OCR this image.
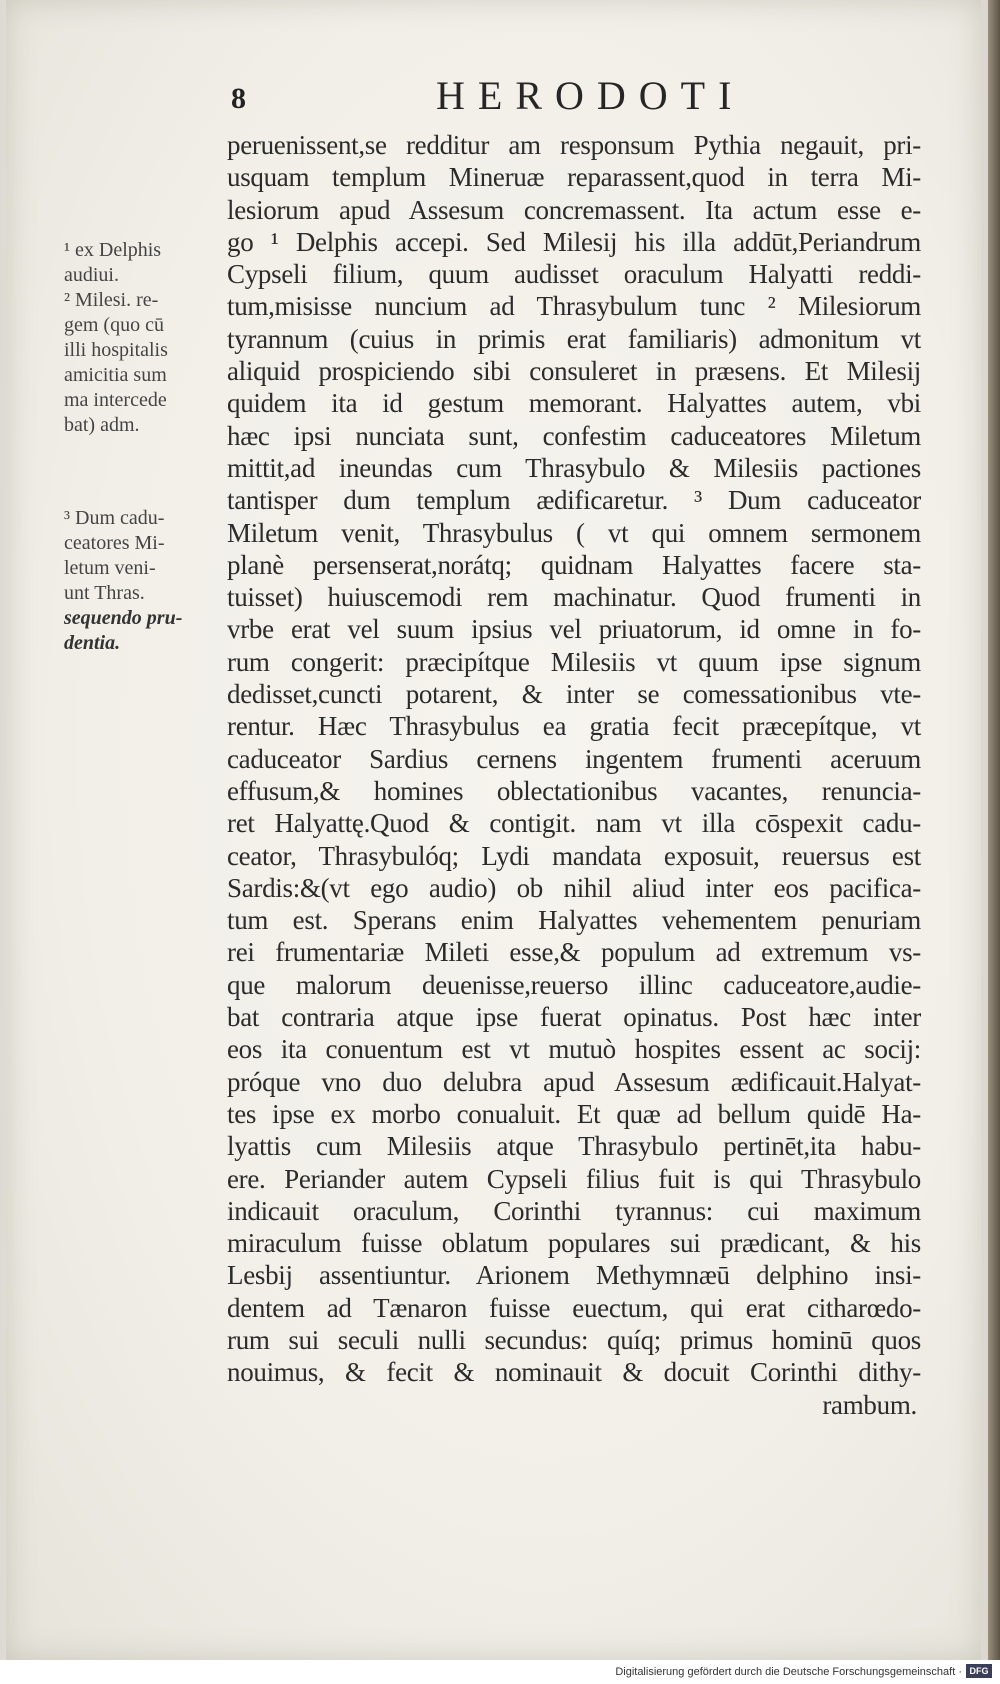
8	HERODOTI
¹ ex Delphis
audiui.
² Milesi. re-
gem (quo cū
illi hospitalis
amicitia sum
ma intercede
bat) adm.
³ Dum cadu-
ceatores Mi-
letum veni-
unt Thras.
sequendo pru-
dentia.
peruenissent,se redditur am responsum Pythia negauit, pri-
usquam templum Mineruæ reparassent,quod in terra Mi-
lesiorum apud Assesum concremassent. Ita actum esse e-
go ¹ Delphis accepi. Sed Milesij his illa addūt,Periandrum
Cypseli filium, quum audisset oraculum Halyatti reddi-
tum,misisse nuncium ad Thrasybulum tunc ² Milesiorum
tyrannum (cuius in primis erat familiaris) admonitum vt
aliquid prospiciendo sibi consuleret in præsens. Et Milesij
quidem ita id gestum memorant. Halyattes autem, vbi
hæc ipsi nunciata sunt, confestim caduceatores Miletum
mittit,ad ineundas cum Thrasybulo & Milesiis pactiones
tantisper dum templum ædificaretur. ³ Dum caduceator
Miletum venit, Thrasybulus ( vt qui omnem sermonem
planè persenserat,norátq; quidnam Halyattes facere sta-
tuisset) huiuscemodi rem machinatur. Quod frumenti in
vrbe erat vel suum ipsius vel priuatorum, id omne in fo-
rum congerit: præcipítque Milesiis vt quum ipse signum
dedisset,cuncti potarent, & inter se comessationibus vte-
rentur. Hæc Thrasybulus ea gratia fecit præcepítque, vt
caduceator Sardius cernens ingentem frumenti aceruum
effusum,& homines oblectationibus vacantes, renuncia-
ret Halyattę.Quod & contigit. nam vt illa cōspexit cadu-
ceator, Thrasybulóq; Lydi mandata exposuit, reuersus est
Sardis:&(vt ego audio) ob nihil aliud inter eos pacifica-
tum est. Sperans enim Halyattes vehementem penuriam
rei frumentariæ Mileti esse,& populum ad extremum vs-
que malorum deuenisse,reuerso illinc caduceatore,audie-
bat contraria atque ipse fuerat opinatus. Post hæc inter
eos ita conuentum est vt mutuò hospites essent ac socij:
próque vno duo delubra apud Assesum ædificauit.Halyat-
tes ipse ex morbo conualuit. Et quæ ad bellum quidē Ha-
lyattis cum Milesiis atque Thrasybulo pertinēt,ita habu-
ere. Periander autem Cypseli filius fuit is qui Thrasybulo
indicauit oraculum, Corinthi tyrannus: cui maximum
miraculum fuisse oblatum populares sui prædicant, & his
Lesbij assentiuntur. Arionem Methymnæū delphino insi-
dentem ad Tænaron fuisse euectum, qui erat citharœdo-
rum sui seculi nulli secundus: quíq; primus hominū quos
nouimus, & fecit & nominauit & docuit Corinthi dithy-
rambum.
Digitalisierung gefördert durch die Deutsche Forschungsgemeinschaft · DFG
